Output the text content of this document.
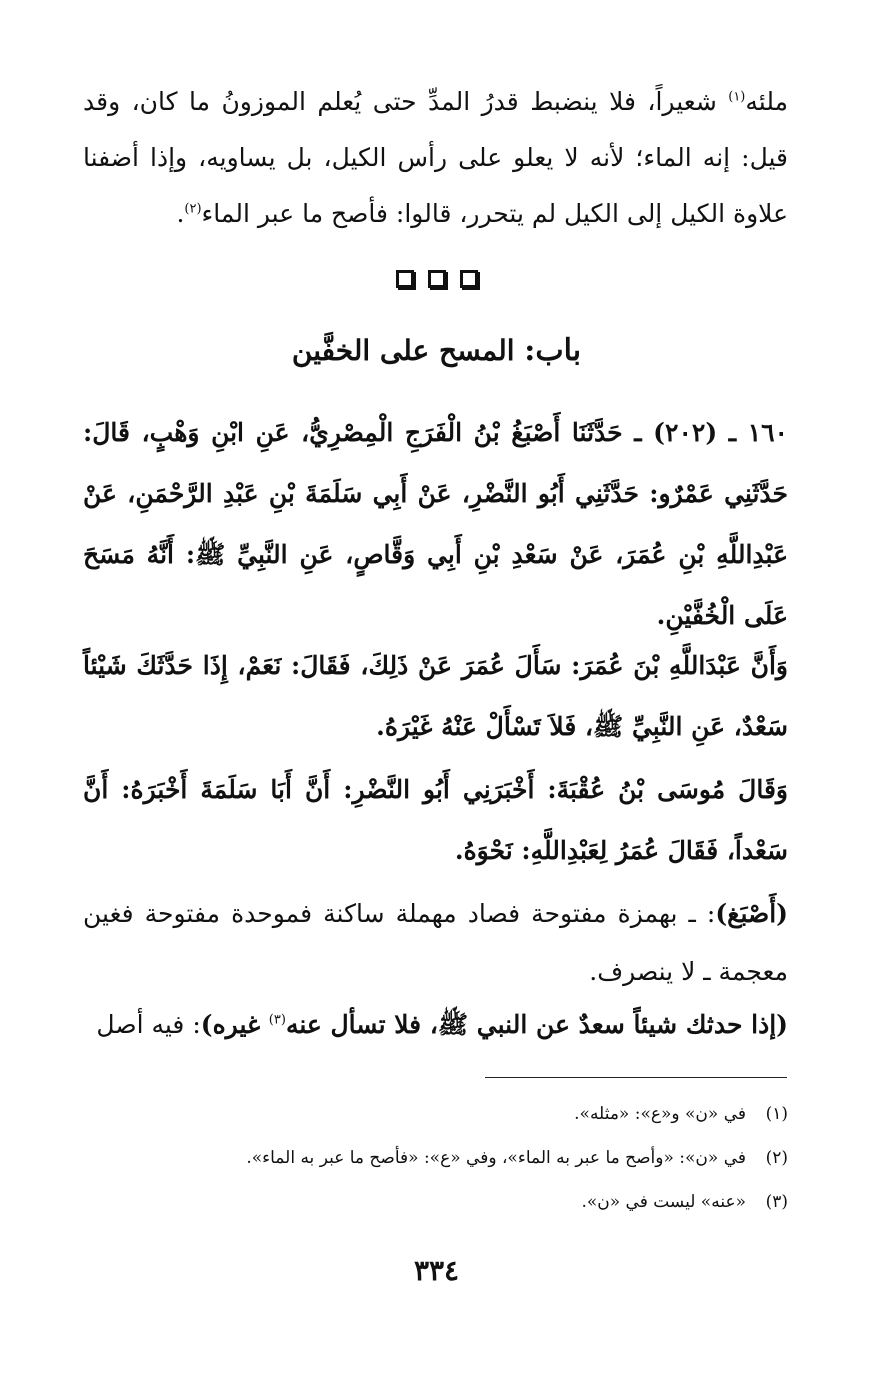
ملئه$^{(١)}$ شعيراً، فلا ينضبط قدرُ المدِّ حتى يُعلم الموزونُ ما كان، وقد قيل: إنه الماء؛ لأنه لا يعلو على رأس الكيل، بل يساويه، وإذا أضفنا علاوة الكيل إلى الكيل لم يتحرر، قالوا: فأصح ما عبر الماء$^{(٢)}$.

باب: المسح على الخفَّين

١٦٠ ـ (٢٠٢) ـ حَدَّثَنَا أَصْبَغُ بْنُ الْفَرَجِ الْمِصْرِيُّ، عَنِ ابْنِ وَهْبٍ، قَالَ: حَدَّثَنِي عَمْرٌو: حَدَّثَنِي أَبُو النَّضْرِ، عَنْ أَبِي سَلَمَةَ بْنِ عَبْدِ الرَّحْمَنِ، عَنْ عَبْدِاللَّهِ بْنِ عُمَرَ، عَنْ سَعْدِ بْنِ أَبِي وَقَّاصٍ، عَنِ النَّبِيِّ ﷺ: أَنَّهُ مَسَحَ عَلَى الْخُفَّيْنِ.

وَأَنَّ عَبْدَاللَّهِ بْنَ عُمَرَ: سَأَلَ عُمَرَ عَنْ ذَلِكَ، فَقَالَ: نَعَمْ، إِذَا حَدَّثَكَ شَيْئاً سَعْدٌ، عَنِ النَّبِيِّ ﷺ، فَلاَ تَسْأَلْ عَنْهُ غَيْرَهُ.

وَقَالَ مُوسَى بْنُ عُقْبَةَ: أَخْبَرَنِي أَبُو النَّضْرِ: أَنَّ أَبَا سَلَمَةَ أَخْبَرَهُ: أَنَّ سَعْداً، فَقَالَ عُمَرُ لِعَبْدِاللَّهِ: نَحْوَهُ.

(أَصْبَغ): ـ بهمزة مفتوحة فصاد مهملة ساكنة فموحدة مفتوحة فغين معجمة ـ لا ينصرف.

(إذا حدثك شيئاً سعدٌ عن النبي ﷺ، فلا تسأل عنه$^{(٣)}$ غيره): فيه أصل

(١)
في «ن» و«ع»: «مثله».
(٢)
في «ن»: «وأصح ما عبر به الماء»، وفي «ع»: «فأصح ما عبر به الماء».
(٣)
«عنه» ليست في «ن».
٣٣٤
